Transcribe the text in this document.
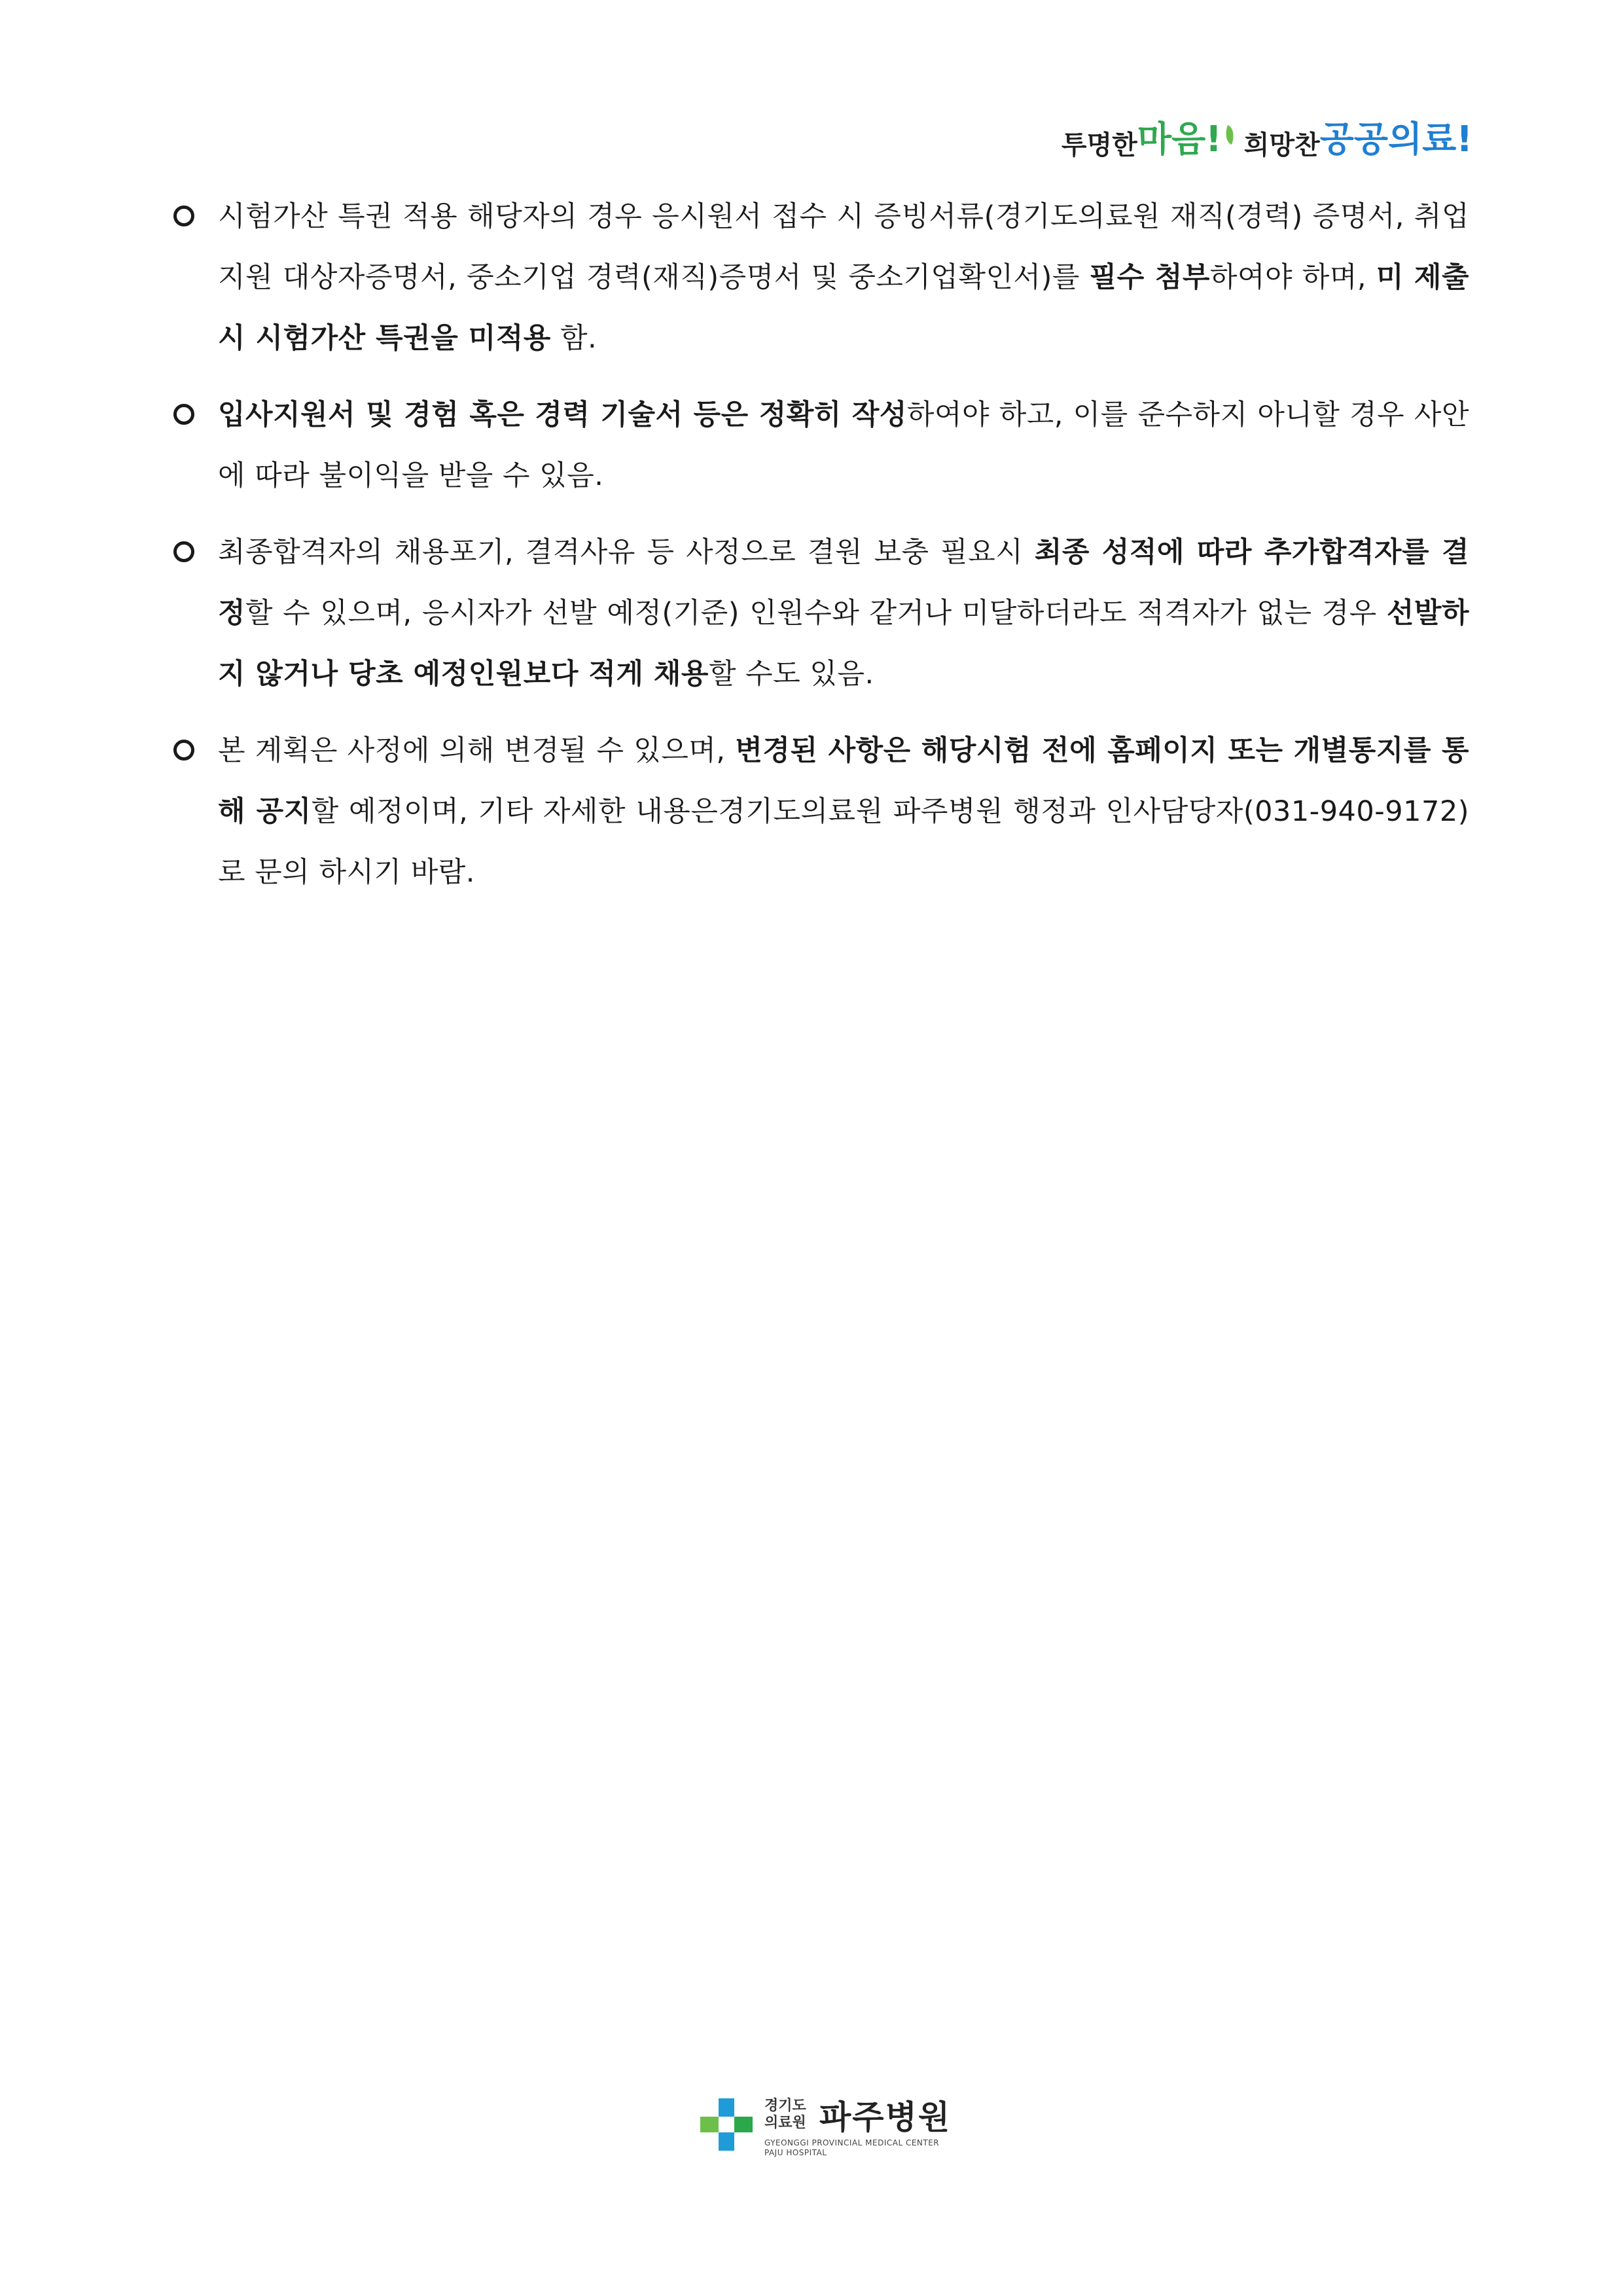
투명한 마음! 희망찬 공공의료!
시험가산 특권 적용 해당자의 경우 응시원서 접수 시 증빙서류(경기도의료원 재직(경력) 증명서, 취업지원 대상자증명서, 중소기업 경력(재직)증명서 및 중소기업확인서)를 필수 첨부하여야 하며, 미 제출 시 시험가산 특권을 미적용 함.
입사지원서 및 경험 혹은 경력 기술서 등은 정확히 작성하여야 하고, 이를 준수하지 아니할 경우 사안에 따라 불이익을 받을 수 있음.
최종합격자의 채용포기, 결격사유 등 사정으로 결원 보충 필요시 최종 성적에 따라 추가합격자를 결정할 수 있으며, 응시자가 선발 예정(기준) 인원수와 같거나 미달하더라도 적격자가 없는 경우 선발하지 않거나 당초 예정인원보다 적게 채용할 수도 있음.
본 계획은 사정에 의해 변경될 수 있으며, 변경된 사항은 해당시험 전에 홈페이지 또는 개별통지를 통해 공지할 예정이며, 기타 자세한 내용은경기도의료원 파주병원 행정과 인사담당자(031-940-9172)로 문의 하시기 바람.
경기도 의료원 파주병원
GYEONGGI PROVINCIAL MEDICAL CENTER PAJU HOSPITAL
